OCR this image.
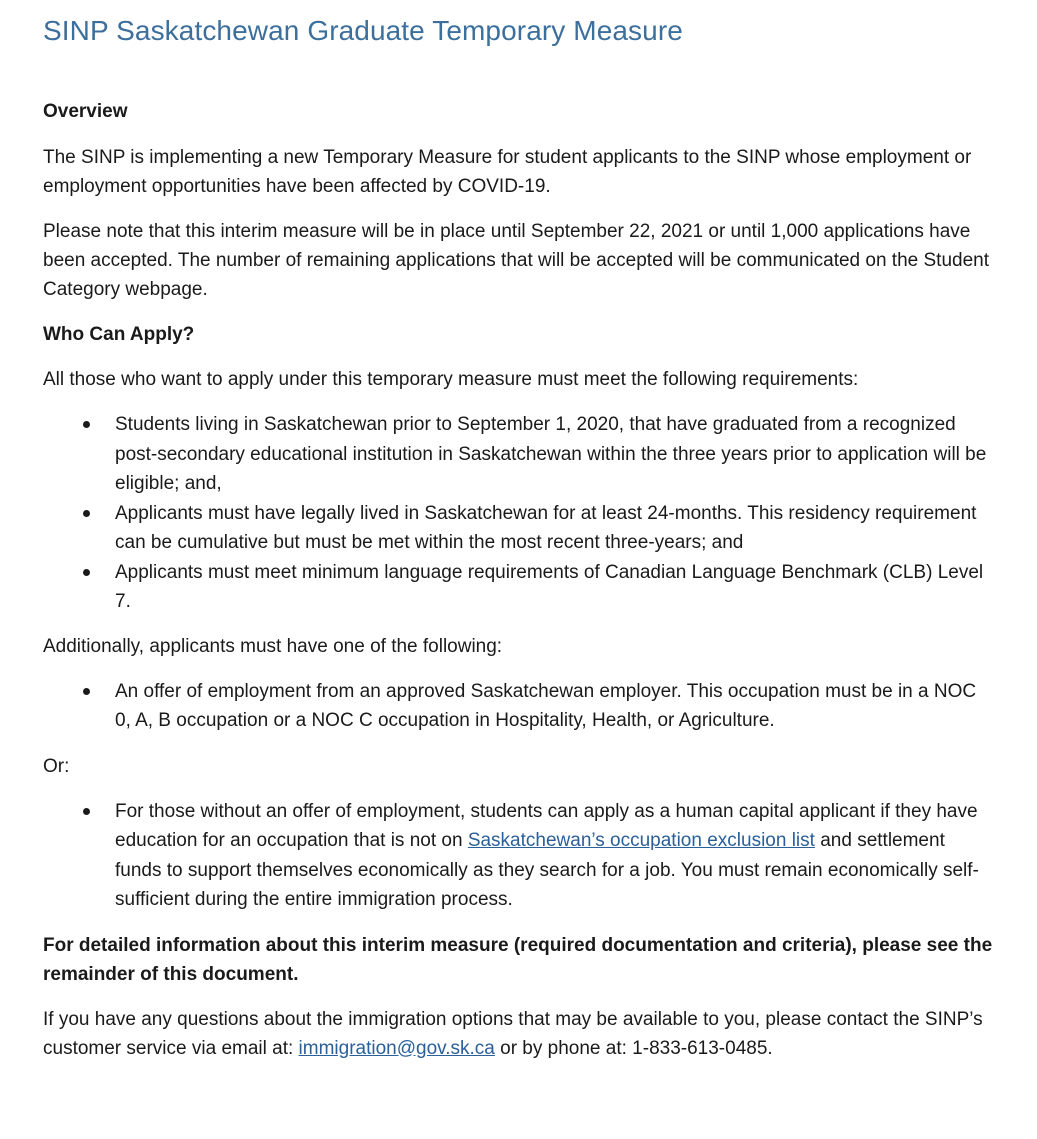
SINP Saskatchewan Graduate Temporary Measure

Overview

The SINP is implementing a new Temporary Measure for student applicants to the SINP whose employment or employment opportunities have been affected by COVID-19.

Please note that this interim measure will be in place until September 22, 2021 or until 1,000 applications have been accepted. The number of remaining applications that will be accepted will be communicated on the Student Category webpage.

Who Can Apply?

All those who want to apply under this temporary measure must meet the following requirements:

Students living in Saskatchewan prior to September 1, 2020, that have graduated from a recognized post-secondary educational institution in Saskatchewan within the three years prior to application will be eligible; and,
Applicants must have legally lived in Saskatchewan for at least 24-months. This residency requirement can be cumulative but must be met within the most recent three-years; and
Applicants must meet minimum language requirements of Canadian Language Benchmark (CLB) Level 7.

Additionally, applicants must have one of the following:

An offer of employment from an approved Saskatchewan employer. This occupation must be in a NOC 0, A, B occupation or a NOC C occupation in Hospitality, Health, or Agriculture.

Or:

For those without an offer of employment, students can apply as a human capital applicant if they have education for an occupation that is not on Saskatchewan’s occupation exclusion list and settlement funds to support themselves economically as they search for a job. You must remain economically self-sufficient during the entire immigration process.

For detailed information about this interim measure (required documentation and criteria), please see the remainder of this document.

If you have any questions about the immigration options that may be available to you, please contact the SINP’s customer service via email at: immigration@gov.sk.ca or by phone at: 1-833-613-0485.
